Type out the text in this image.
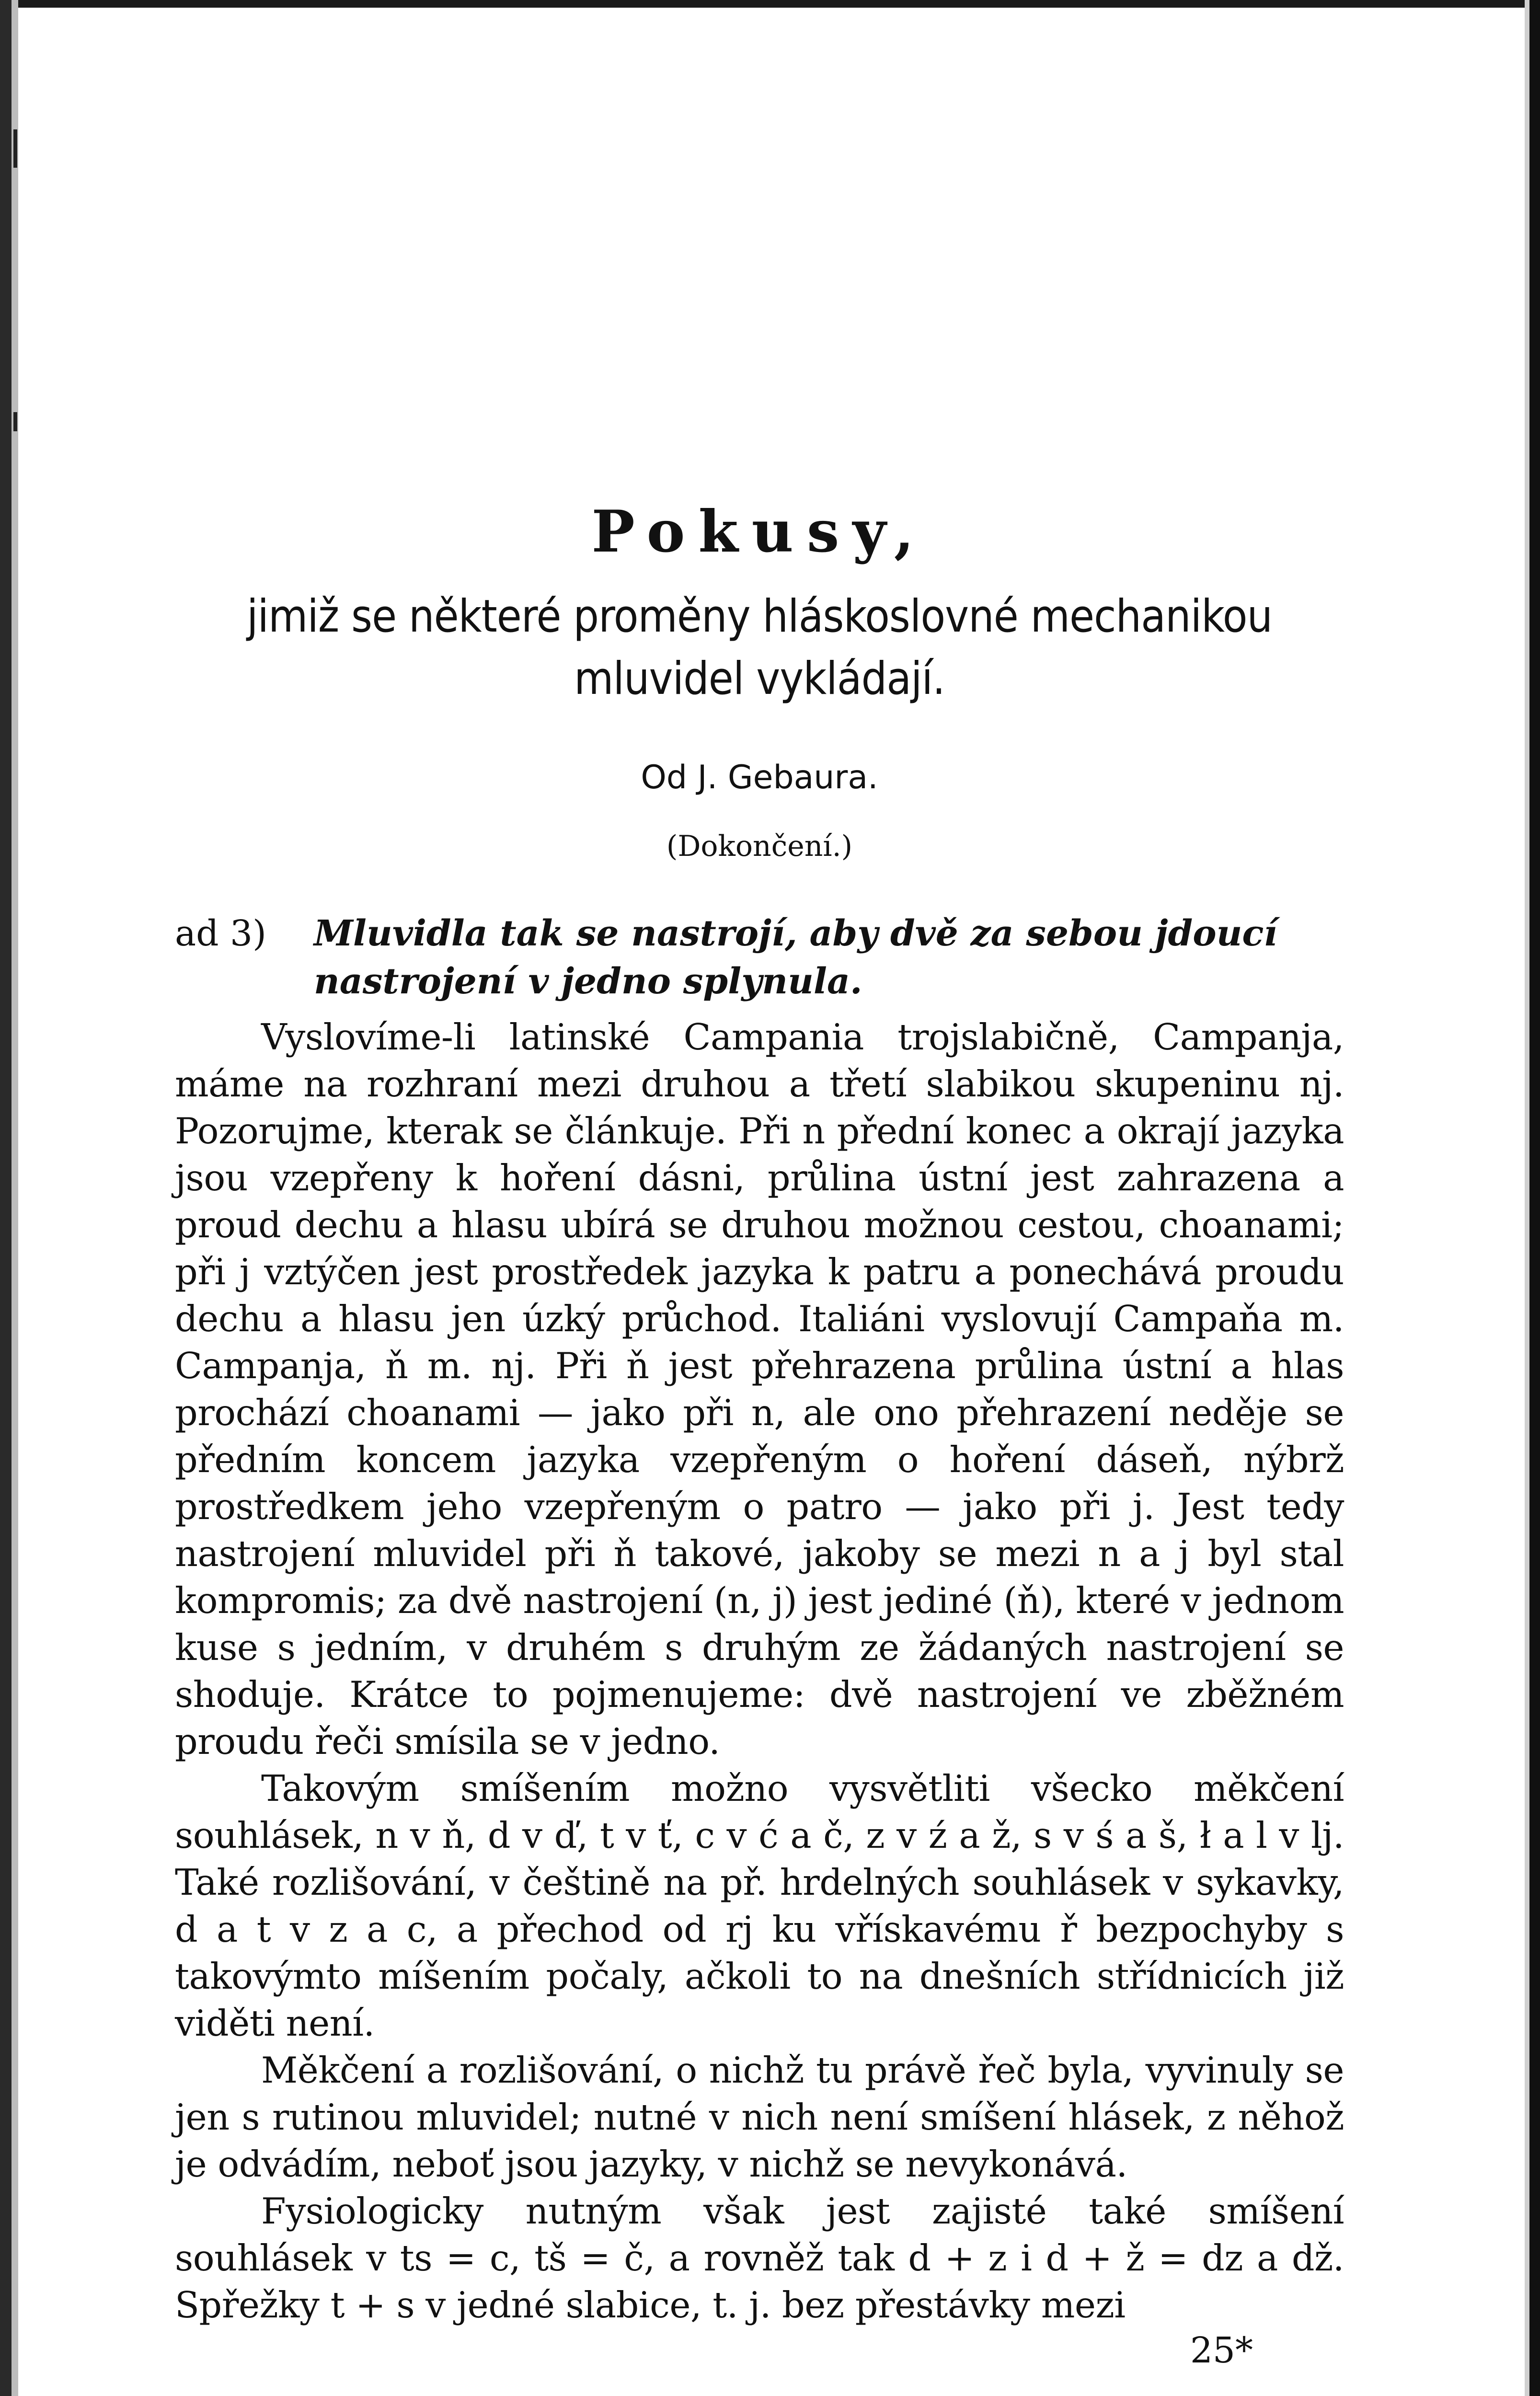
Pokusy,
jimiž se některé proměny hláskoslovné mechanikou mluvidel vykládají.
Od J. Gebaura.
(Dokončení.)
ad 3) Mluvidla tak se nastrojí, aby dvě za sebou jdoucí nastrojení v jedno splynula.

Vyslovíme-li latinské Campania trojslabičně, Campanja, máme na rozhraní mezi druhou a třetí slabikou skupeninu nj. Pozorujme, kterak se článkuje. Při n přední konec a okrají jazyka jsou vzepřeny k hoření dásni, průlina ústní jest zahrazena a proud dechu a hlasu ubírá se druhou možnou cestou, choanami; při j vztýčen jest prostředek jazyka k patru a ponechává proudu dechu a hlasu jen úzký průchod. Italiáni vyslovují Campaňa m. Campanja, ň m. nj. Při ň jest přehrazena průlina ústní a hlas prochází choanami — jako při n, ale ono přehrazení neděje se předním koncem jazyka vzepřeným o hoření dáseň, nýbrž prostředkem jeho vzepřeným o patro — jako při j. Jest tedy nastrojení mluvidel při ň takové, jakoby se mezi n a j byl stal kompromis; za dvě nastrojení (n, j) jest jediné (ň), které v jednom kuse s jedním, v druhém s druhým ze žádaných nastrojení se shoduje. Krátce to pojmenujeme: dvě nastrojení ve zběžném proudu řeči smísila se v jedno.

Takovým smíšením možno vysvětliti všecko měkčení souhlásek, n v ň, d v ď, t v ť, c v ć a č, z v ź a ž, s v ś a š, ł a l v lj. Také rozlišování, v češtině na př. hrdelných souhlásek v sykavky, d a t v z a c, a přechod od rj ku vřískavému ř bezpochyby s takovýmto míšením počaly, ačkoli to na dnešních střídnicích již viděti není.

Měkčení a rozlišování, o nichž tu právě řeč byla, vyvinuly se jen s rutinou mluvidel; nutné v nich není smíšení hlásek, z něhož je odvádím, neboť jsou jazyky, v nichž se nevykonává.

Fysiologicky nutným však jest zajisté také smíšení souhlásek v ts = c, tš = č, a rovněž tak d + z i d + ž = dz a dž. Spřežky t + s v jedné slabice, t. j. bez přestávky mezi

25*
